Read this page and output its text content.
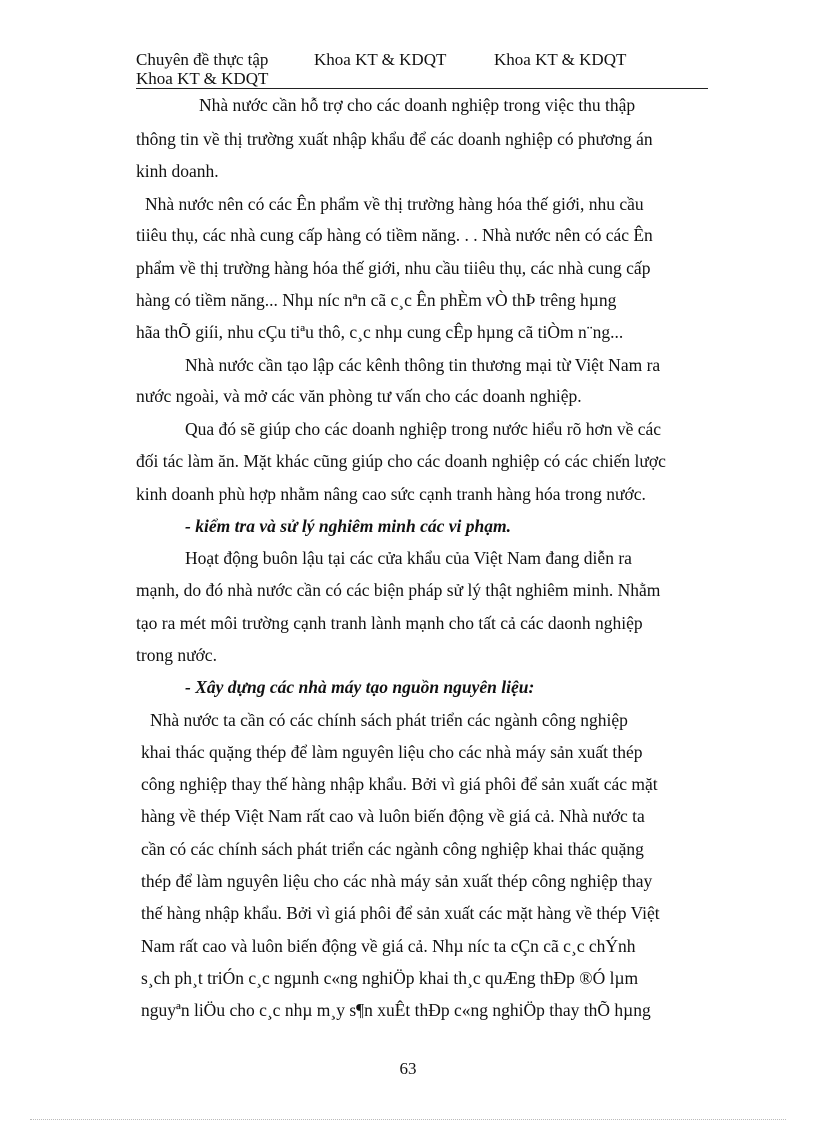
Chuyên đề thực tập	Khoa KT & KDQT	Khoa KT & KDQT
Khoa KT & KDQT
Nhà nước cần hỗ trợ cho các doanh nghiệp trong việc thu thập
thông tin về thị trường xuất nhập khẩu để các doanh nghiệp có phương án
kinh doanh.
Nhà nước nên có các Ên phẩm về thị trường hàng hóa thế giới, nhu cầu
tiiêu thụ, các nhà cung cấp hàng có tiềm năng. . . Nhà nước nên có các Ên
phẩm về thị trường hàng hóa thế giới, nhu cầu tiiêu thụ, các nhà cung cấp
hàng có tiềm năng... Nhµ níc nªn cã c¸c Ên phÈm vÒ thÞ trêng hµng
hãa thÕ giíi, nhu cÇu tiªu thô, c¸c nhµ cung cÊp hµng cã tiÒm n¨ng...
Nhà nước cần tạo lập các kênh thông tin thương mại từ Việt Nam ra
nước ngoài, và mở các văn phòng tư vấn cho các doanh nghiệp.
Qua đó sẽ giúp cho các doanh nghiệp trong nước hiểu rõ hơn về các
đối tác làm ăn. Mặt khác cũng giúp cho các doanh nghiệp có các chiến lược
kinh doanh phù hợp nhằm nâng cao sức cạnh tranh hàng hóa trong nước.
- kiểm tra và sử lý nghiêm minh các vi phạm.
Hoạt động buôn lậu tại các cửa khẩu của Việt Nam đang diễn ra
mạnh, do đó nhà nước cần có các biện pháp sử lý thật nghiêm minh. Nhằm
tạo ra mét môi trường cạnh tranh lành mạnh cho tất cả các daonh nghiệp
trong nước.
- Xây dựng các nhà máy tạo nguồn nguyên liệu:
Nhà nước ta cần có các chính sách phát triển các ngành công nghiệp
khai thác quặng thép để làm nguyên liệu cho các nhà máy sản xuất thép
công nghiệp thay thế hàng nhập khẩu. Bởi vì giá phôi để sản xuất các mặt
hàng về thép Việt Nam rất cao và luôn biến động về giá cả. Nhà nước ta
cần có các chính sách phát triển các ngành công nghiệp khai thác quặng
thép để làm nguyên liệu cho các nhà máy sản xuất thép công nghiệp thay
thế hàng nhập khẩu. Bởi vì giá phôi để sản xuất các mặt hàng về thép Việt
Nam rất cao và luôn biến động về giá cả. Nhµ níc ta cÇn cã c¸c chÝnh
s¸ch ph¸t triÓn c¸c ngµnh c«ng nghiÖp khai th¸c quÆng thÐp ®Ó lµm
nguyªn liÖu cho c¸c nhµ m¸y s¶n xuÊt thÐp c«ng nghiÖp thay thÕ hµng
63
